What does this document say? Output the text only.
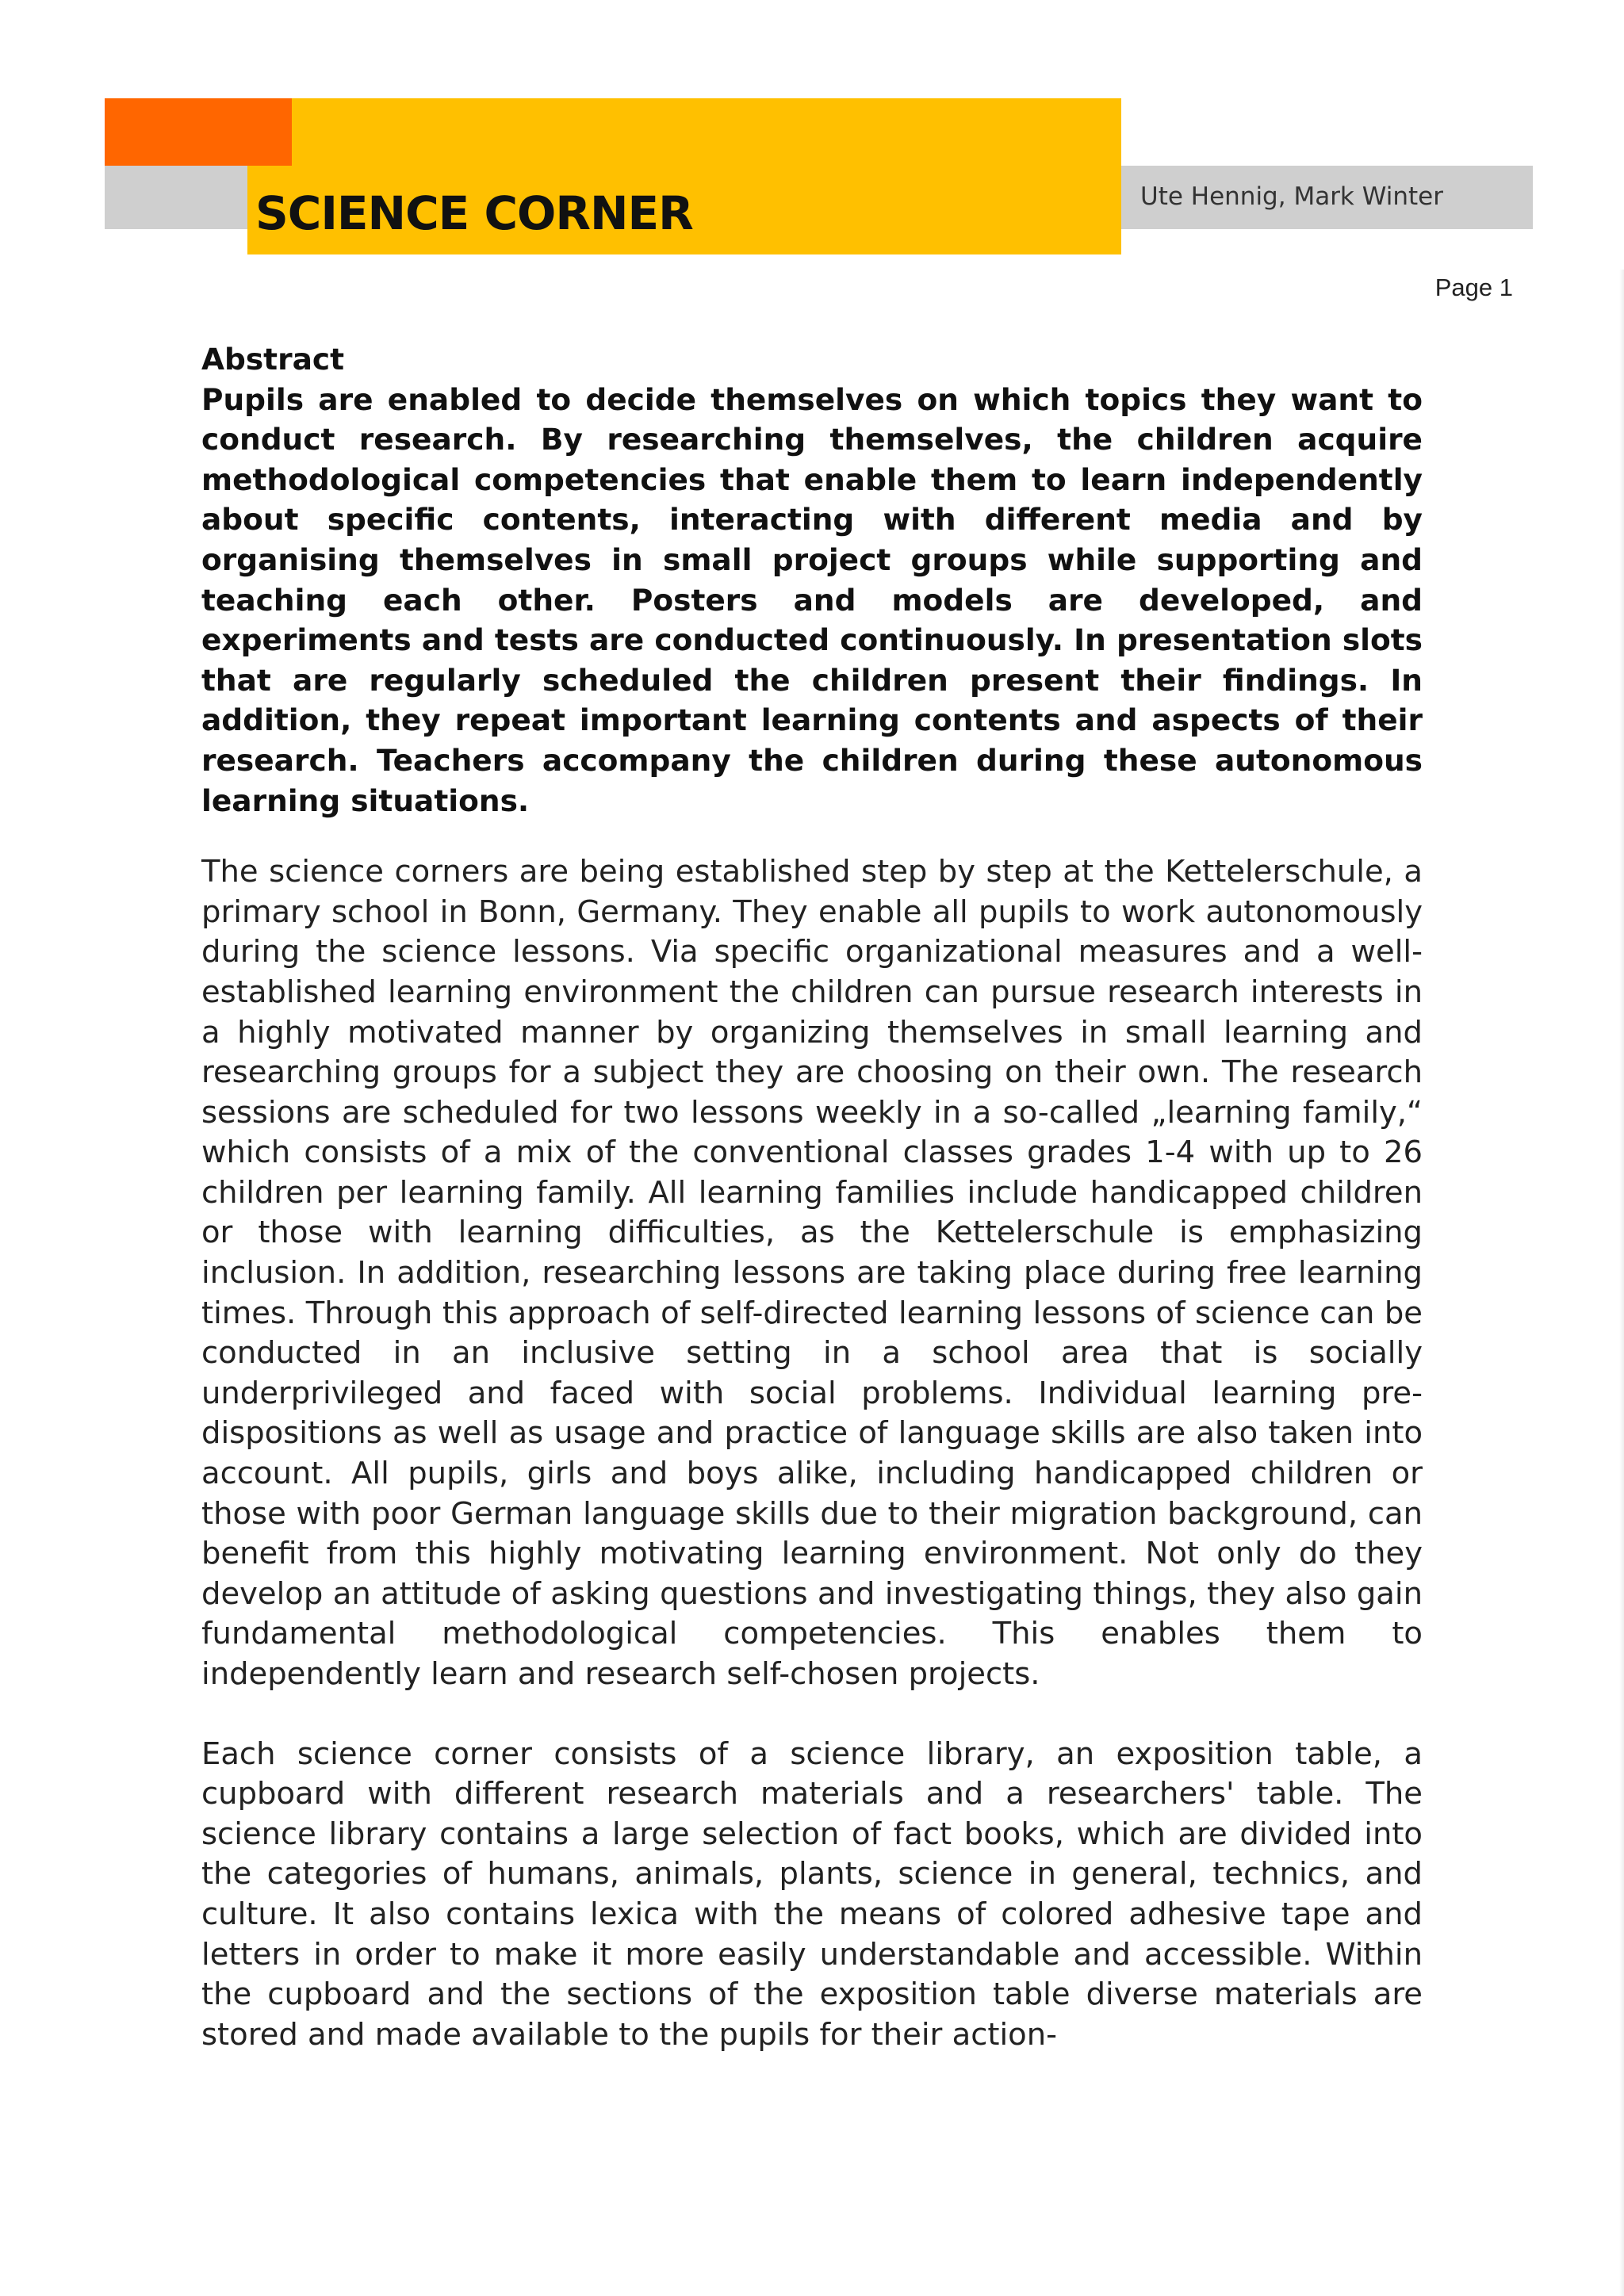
SCIENCE CORNER	Ute Hennig, Mark Winter
Page 1
Abstract

Pupils are enabled to decide themselves on which topics they want to conduct research. By researching themselves, the children acquire methodological competencies that enable them to learn independently about specific contents, interacting with different media and by organising themselves in small project groups while supporting and teaching each other. Posters and models are developed, and experiments and tests are conducted continuously. In presentation slots that are regularly scheduled the children present their findings. In addition, they repeat important learning contents and aspects of their research. Teachers accompany the children during these autonomous learning situations.

The science corners are being established step by step at the Kettelerschule, a primary school in Bonn, Germany. They enable all pupils to work autonomously during the science lessons. Via specific organizational measures and a well-established learning environment the children can pursue research interests in a highly motivated manner by organizing themselves in small learning and researching groups for a subject they are choosing on their own. The research sessions are scheduled for two lessons weekly in a so-called „learning family,“ which consists of a mix of the conventional classes grades 1-4 with up to 26 children per learning family. All learning families include handicapped children or those with learning difficulties, as the Kettelerschule is emphasizing inclusion. In addition, researching lessons are taking place during free learning times. Through this approach of self-directed learning lessons of science can be conducted in an inclusive setting in a school area that is socially underprivileged and faced with social problems. Individual learning pre-dispositions as well as usage and practice of language skills are also taken into account. All pupils, girls and boys alike, including handicapped children or those with poor German language skills due to their migration background, can benefit from this highly motivating learning environment. Not only do they develop an attitude of asking questions and investigating things, they also gain fundamental methodological competencies. This enables them to independently learn and research self-chosen projects.

Each science corner consists of a science library, an exposition table, a cupboard with different research materials and a researchers' table. The science library contains a large selection of fact books, which are divided into the categories of humans, animals, plants, science in general, technics, and culture. It also contains lexica with the means of colored adhesive tape and letters in order to make it more easily understandable and accessible. Within the cupboard and the sections of the exposition table diverse materials are stored and made available to the pupils for their action-
